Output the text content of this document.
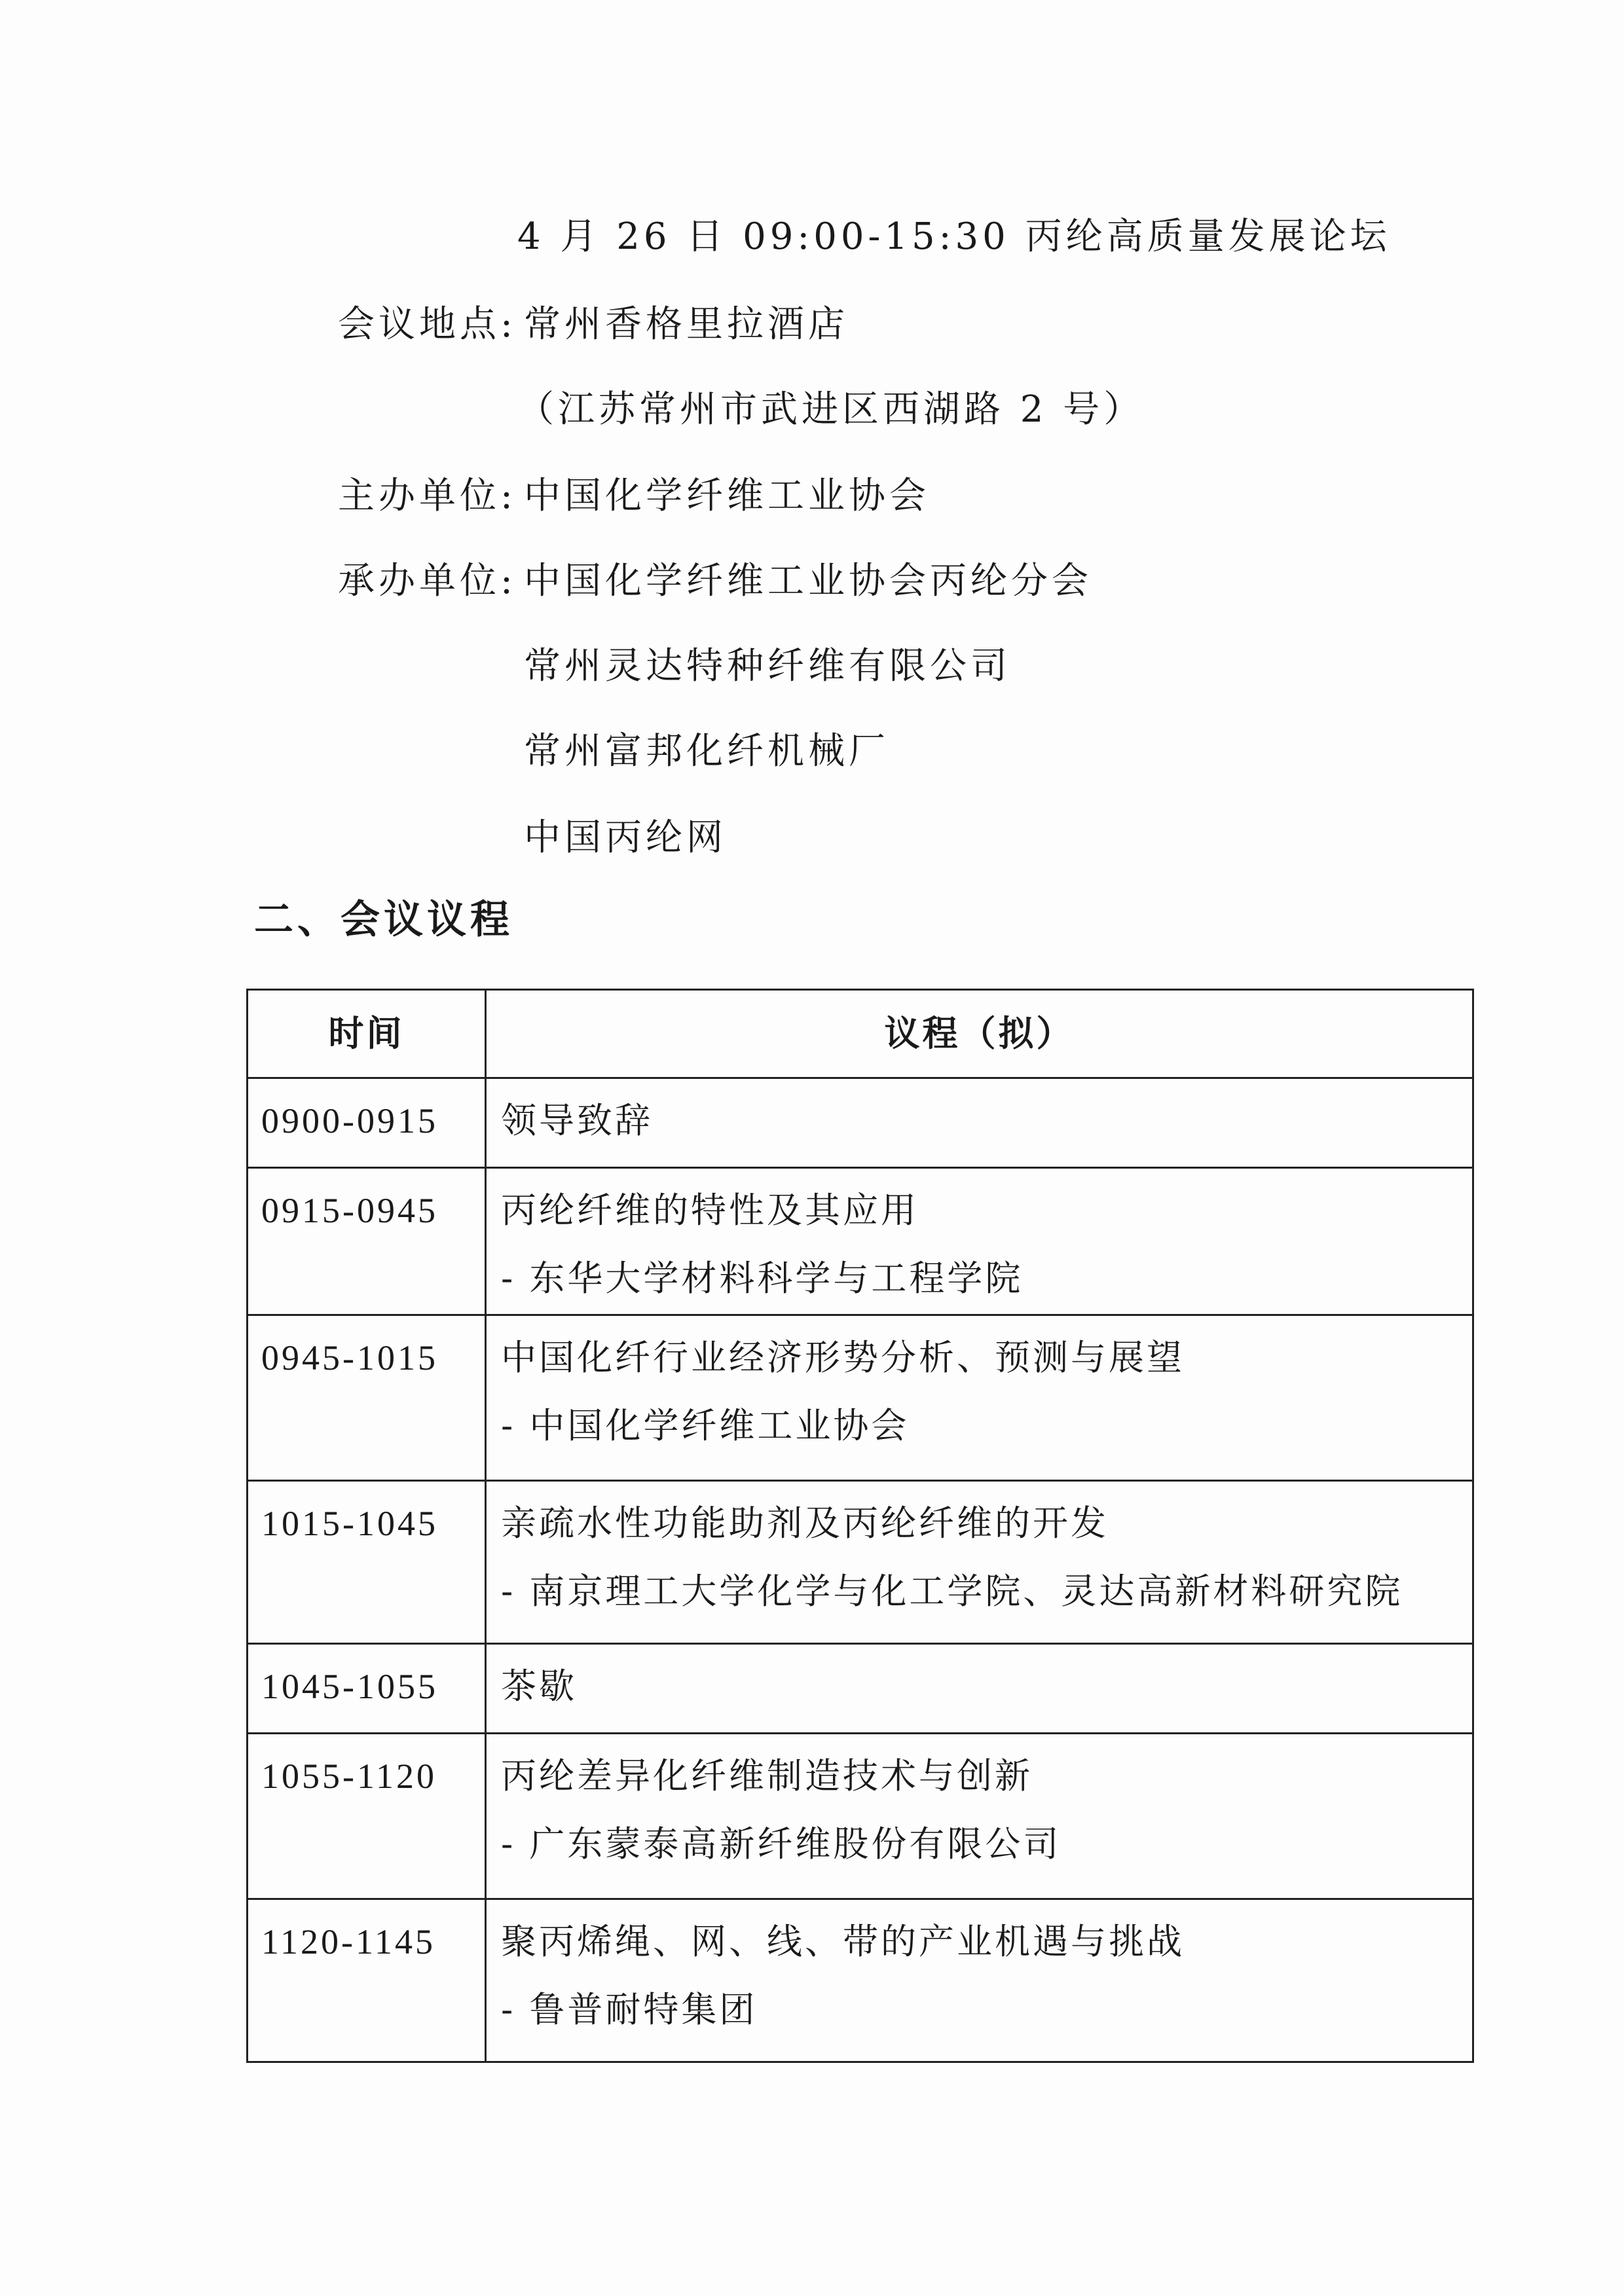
4 月 26 日 09:00-15:30 丙纶高质量发展论坛
会议地点: 常州香格里拉酒店
（江苏常州市武进区西湖路 2 号）
主办单位: 中国化学纤维工业协会
承办单位: 中国化学纤维工业协会丙纶分会
常州灵达特种纤维有限公司
常州富邦化纤机械厂
中国丙纶网
二、会议议程
时间	议程（拟）
0900-0915	领导致辞

0915-0945	丙纶纤维的特性及其应用
- 东华大学材料科学与工程学院

0945-1015	中国化纤行业经济形势分析、预测与展望
- 中国化学纤维工业协会

1015-1045	亲疏水性功能助剂及丙纶纤维的开发
- 南京理工大学化学与化工学院、灵达高新材料研究院

1045-1055	茶歇

1055-1120	丙纶差异化纤维制造技术与创新
- 广东蒙泰高新纤维股份有限公司

1120-1145	聚丙烯绳、网、线、带的产业机遇与挑战
- 鲁普耐特集团
